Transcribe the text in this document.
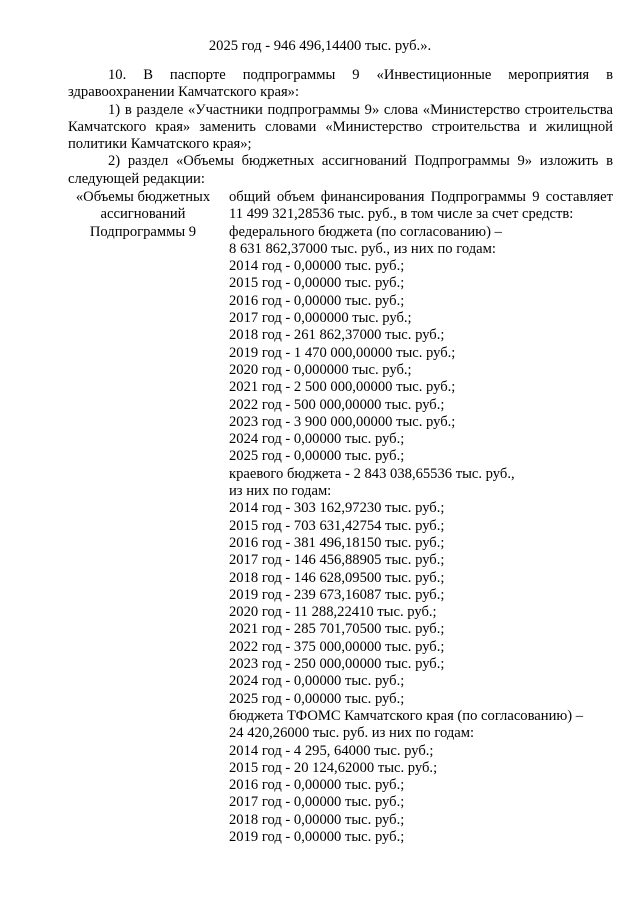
2025 год - 946 496,14400 тыс. руб.».

10. В паспорте подпрограммы 9 «Инвестиционные мероприятия в здравоохранении Камчатского края»:

1) в разделе «Участники подпрограммы 9» слова «Министерство строительства Камчатского края» заменить словами «Министерство строительства и жилищной политики Камчатского края»;

2) раздел «Объемы бюджетных ассигнований Подпрограммы 9» изложить в следующей редакции:

«Объемы бюджетных
ассигнований
Подпрограммы 9
общий объем финансирования Подпрограммы 9 составляет
11 499 321,28536 тыс. руб., в том числе за счет средств:
федерального бюджета (по согласованию) –
8 631 862,37000 тыс. руб., из них по годам:
2014 год - 0,00000 тыс. руб.;
2015 год - 0,00000 тыс. руб.;
2016 год - 0,00000 тыс. руб.;
2017 год - 0,000000 тыс. руб.;
2018 год - 261 862,37000 тыс. руб.;
2019 год - 1 470 000,00000 тыс. руб.;
2020 год - 0,000000 тыс. руб.;
2021 год - 2 500 000,00000 тыс. руб.;
2022 год - 500 000,00000 тыс. руб.;
2023 год - 3 900 000,00000 тыс. руб.;
2024 год - 0,00000 тыс. руб.;
2025 год - 0,00000 тыс. руб.;
краевого бюджета - 2 843 038,65536 тыс. руб.,
из них по годам:
2014 год - 303 162,97230 тыс. руб.;
2015 год - 703 631,42754 тыс. руб.;
2016 год - 381 496,18150 тыс. руб.;
2017 год - 146 456,88905 тыс. руб.;
2018 год - 146 628,09500 тыс. руб.;
2019 год - 239 673,16087 тыс. руб.;
2020 год - 11 288,22410 тыс. руб.;
2021 год - 285 701,70500 тыс. руб.;
2022 год - 375 000,00000 тыс. руб.;
2023 год - 250 000,00000 тыс. руб.;
2024 год - 0,00000 тыс. руб.;
2025 год - 0,00000 тыс. руб.;
бюджета ТФОМС Камчатского края (по согласованию) –
24 420,26000 тыс. руб. из них по годам:
2014 год - 4 295, 64000 тыс. руб.;
2015 год - 20 124,62000 тыс. руб.;
2016 год - 0,00000 тыс. руб.;
2017 год - 0,00000 тыс. руб.;
2018 год - 0,00000 тыс. руб.;
2019 год - 0,00000 тыс. руб.;
